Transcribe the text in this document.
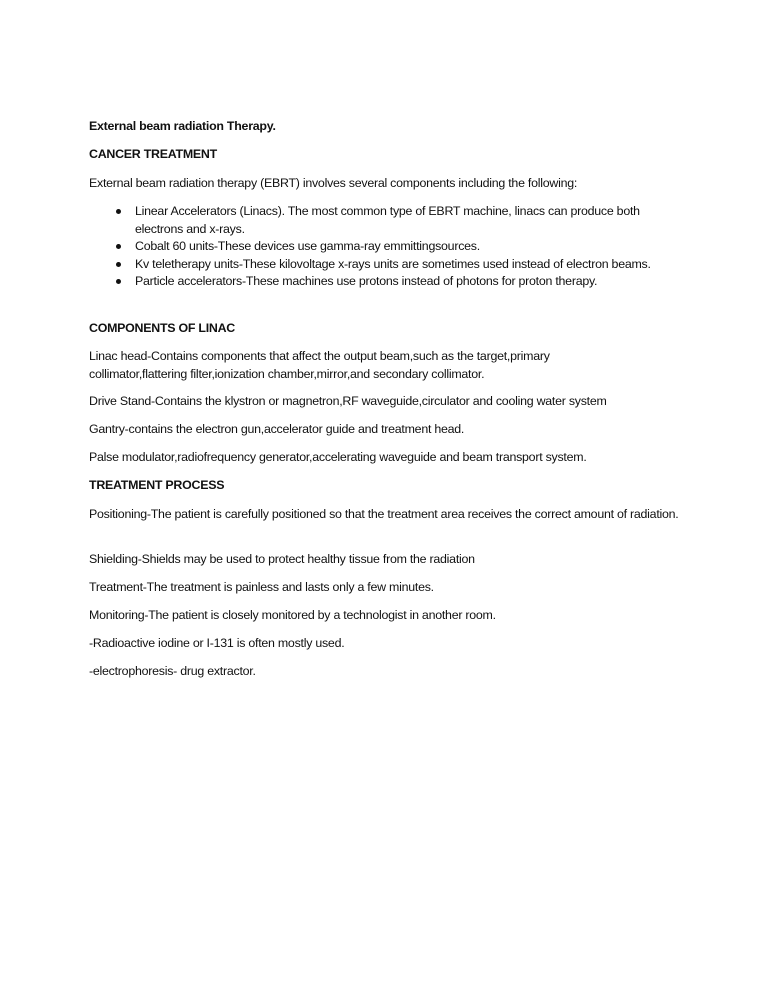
External beam radiation Therapy.

CANCER TREATMENT

External beam radiation therapy (EBRT) involves several components including the following:

Linear Accelerators (Linacs). The most common type of EBRT machine, linacs can produce both electrons and x-rays.
Cobalt 60 units-These devices use gamma-ray emmittingsources.
Kv teletherapy units-These kilovoltage x-rays units are sometimes used instead of electron beams.
Particle accelerators-These machines use protons instead of photons for proton therapy.

COMPONENTS OF LINAC

Linac head-Contains components that affect the output beam,such as the target,primary collimator,flattering filter,ionization chamber,mirror,and secondary collimator.

Drive Stand-Contains the klystron or magnetron,RF waveguide,circulator and cooling water system

Gantry-contains the electron gun,accelerator guide and treatment head.

Palse modulator,radiofrequency generator,accelerating waveguide and beam transport system.

TREATMENT PROCESS

Positioning-The patient is carefully positioned so that the treatment area receives the correct amount of radiation.

Shielding-Shields may be used to protect healthy tissue from the radiation

Treatment-The treatment is painless and lasts only a few minutes.

Monitoring-The patient is closely monitored by a technologist in another room.

-Radioactive iodine or I-131 is often mostly used.

-electrophoresis- drug extractor.
